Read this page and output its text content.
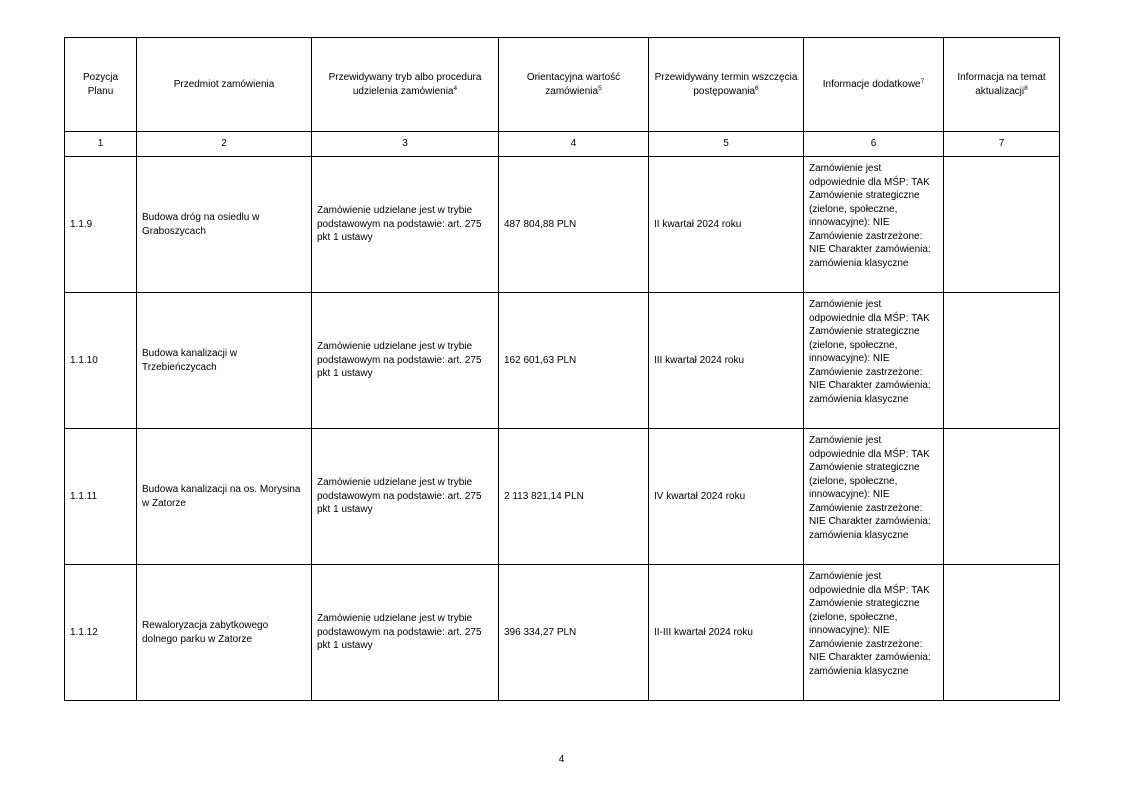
Pozycja Planu	Przedmiot zamówienia	Przewidywany tryb albo procedura udzielenia zamówienia$^4$	Orientacyjna wartość zamówienia$^5$	Przewidywany termin wszczęcia postępowania$^6$	Informacje dodatkowe$^7$	Informacja na temat aktualizacji$^8$
1	2	3	4	5	6	7
1.1.9	Budowa dróg na osiedlu w Graboszycach	Zamówienie udzielane jest w trybie podstawowym na podstawie: art. 275 pkt 1 ustawy	487 804,88 PLN	II kwartał 2024 roku	Zamówienie jest odpowiednie dla MŚP: TAK Zamówienie strategiczne (zielone, społeczne, innowacyjne): NIE Zamówienie zastrzeżone: NIE Charakter zamówienia: zamówienia klasyczne	
1.1.10	Budowa kanalizacji w Trzebieńczycach	Zamówienie udzielane jest w trybie podstawowym na podstawie: art. 275 pkt 1 ustawy	162 601,63 PLN	III kwartał 2024 roku	Zamówienie jest odpowiednie dla MŚP: TAK Zamówienie strategiczne (zielone, społeczne, innowacyjne): NIE Zamówienie zastrzeżone: NIE Charakter zamówienia: zamówienia klasyczne	
1.1.11	Budowa kanalizacji na os. Morysina w Zatorze	Zamówienie udzielane jest w trybie podstawowym na podstawie: art. 275 pkt 1 ustawy	2 113 821,14 PLN	IV kwartał 2024 roku	Zamówienie jest odpowiednie dla MŚP: TAK Zamówienie strategiczne (zielone, społeczne, innowacyjne): NIE Zamówienie zastrzeżone: NIE Charakter zamówienia: zamówienia klasyczne	
1.1.12	Rewaloryzacja zabytkowego dolnego parku w Zatorze	Zamówienie udzielane jest w trybie podstawowym na podstawie: art. 275 pkt 1 ustawy	396 334,27 PLN	II-III kwartał 2024 roku	Zamówienie jest odpowiednie dla MŚP: TAK Zamówienie strategiczne (zielone, społeczne, innowacyjne): NIE Zamówienie zastrzeżone: NIE Charakter zamówienia: zamówienia klasyczne	
4
